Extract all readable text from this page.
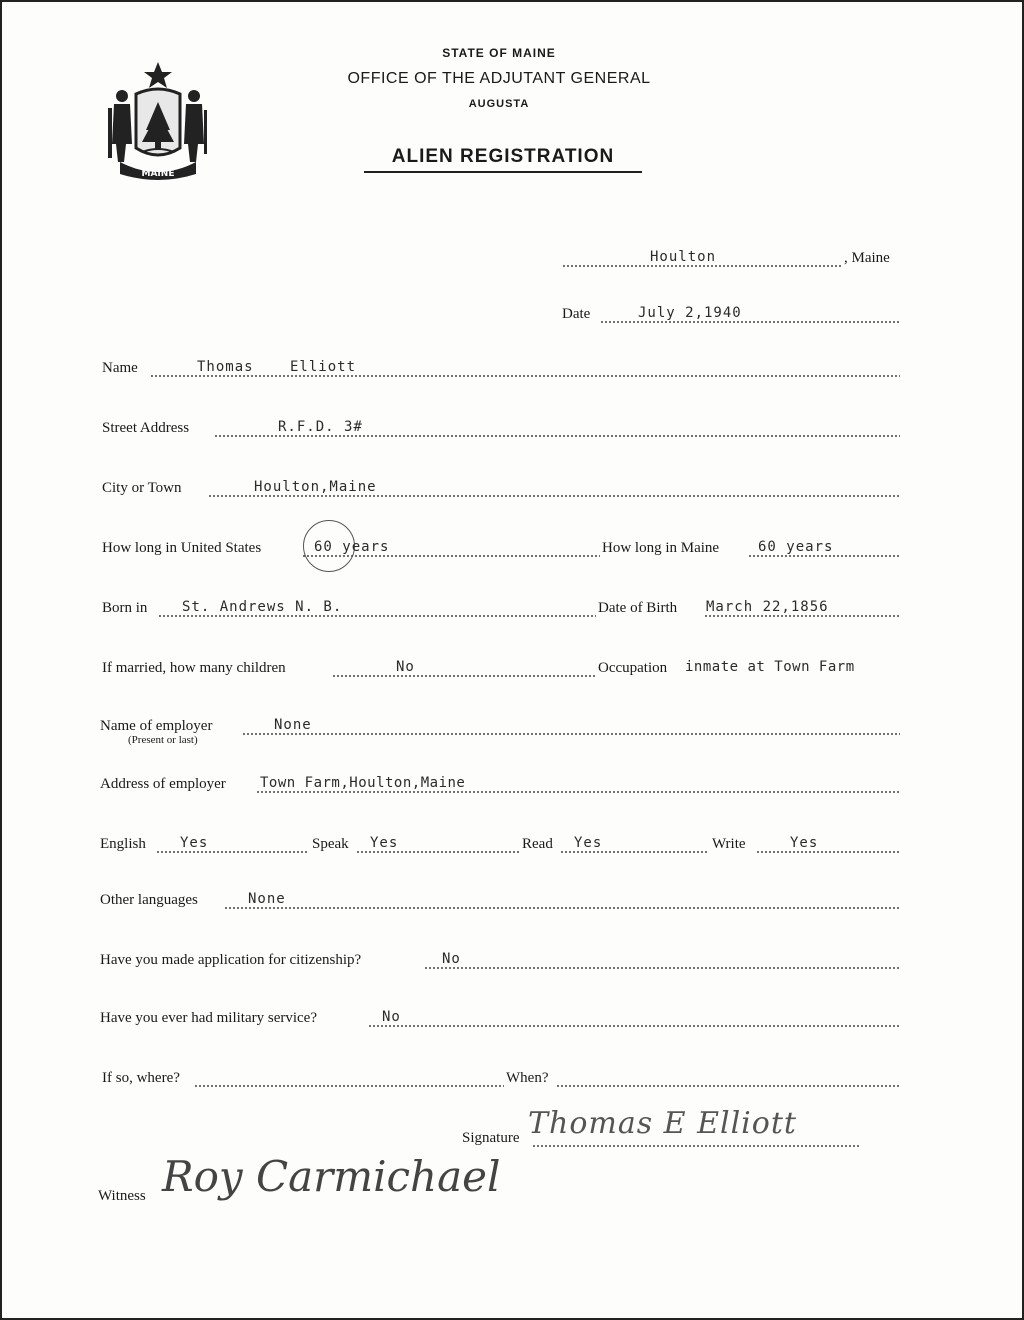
MAINE
STATE OF MAINE
OFFICE OF THE ADJUTANT GENERAL
AUGUSTA
ALIEN REGISTRATION
Houlton	, Maine
Date	July 2,1940
Name	Thomas	Elliott
Street Address	R.F.D. 3#
City or Town	Houlton,Maine
How long in United States	60 years	How long in Maine	60 years
Born in St. Andrews N. B.	Date of Birth March 22,1856
If married, how many children	No	Occupation inmate at Town Farm
Name of employer	None
(Present or last)
Address of employer Town Farm,Houlton,Maine
English Yes	Speak Yes	Read Yes	Write	Yes
Other languages	None
Have you made application for citizenship?	No
Have you ever had military service?	No
If so, where?	When?
Signature Thomas E Elliott
Witness Roy Carmichael
